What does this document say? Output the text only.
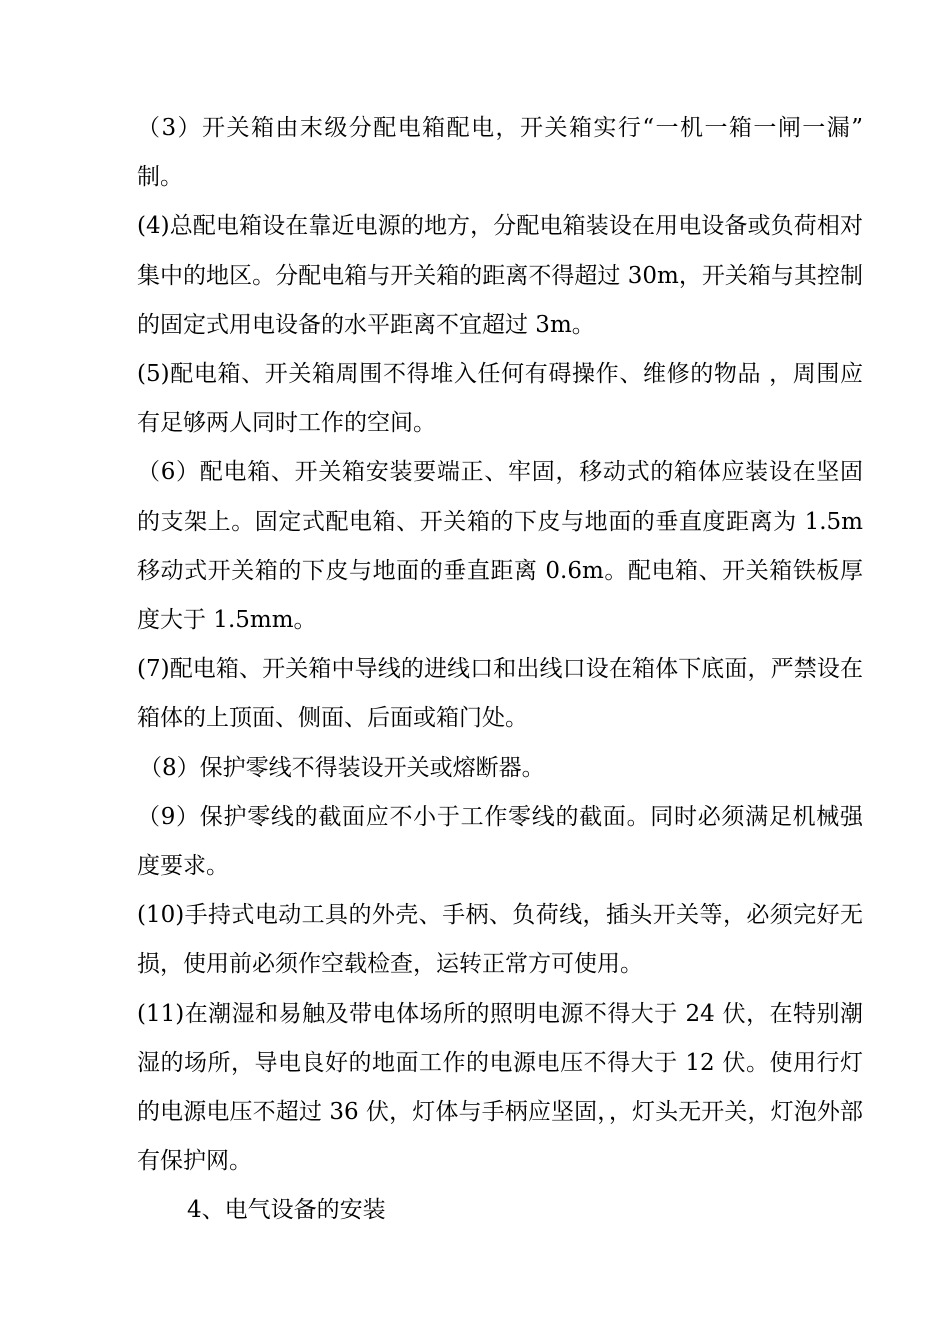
（3）开关箱由末级分配电箱配电，开关箱实行“一机一箱一闸一漏” 制。

(4)总配电箱设在靠近电源的地方，分配电箱装设在用电设备或负荷相对集中的地区。分配电箱与开关箱的距离不得超过 30m，开关箱与其控制的固定式用电设备的水平距离不宜超过 3m。

(5)配电箱、开关箱周围不得堆入任何有碍操作、维修的物品 ，周围应有足够两人同时工作的空间。

（6）配电箱、开关箱安装要端正、牢固，移动式的箱体应装设在坚固的支架上。固定式配电箱、开关箱的下皮与地面的垂直度距离为 1.5m 移动式开关箱的下皮与地面的垂直距离 0.6m。配电箱、开关箱铁板厚度大于 1.5mm。

(7)配电箱、开关箱中导线的进线口和出线口设在箱体下底面，严禁设在箱体的上顶面、侧面、后面或箱门处。

（8）保护零线不得装设开关或熔断器。

（9）保护零线的截面应不小于工作零线的截面。同时必须满足机械强度要求。

(10)手持式电动工具的外壳、手柄、负荷线，插头开关等，必须完好无损，使用前必须作空载检查，运转正常方可使用。

(11)在潮湿和易触及带电体场所的照明电源不得大于 24 伏，在特别潮湿的场所，导电良好的地面工作的电源电压不得大于 12 伏。使用行灯的电源电压不超过 36 伏，灯体与手柄应坚固，，灯头无开关，灯泡外部有保护网。

4、电气设备的安装
